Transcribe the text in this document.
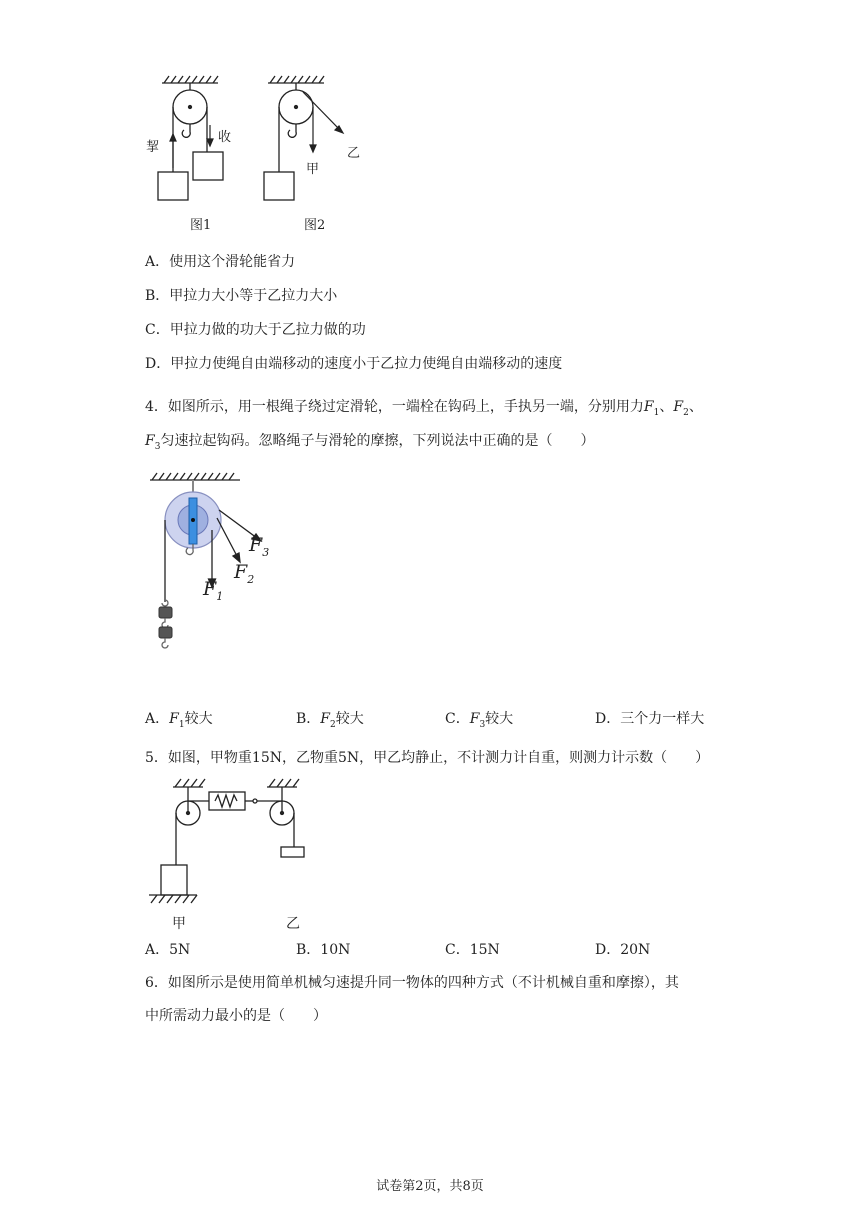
挈
收
甲
乙
图1	图2
A．使用这个滑轮能省力
B．甲拉力大小等于乙拉力大小
C．甲拉力做的功大于乙拉力做的功
D．甲拉力使绳自由端移动的速度小于乙拉力使绳自由端移动的速度
4．如图所示，用一根绳子绕过定滑轮，一端栓在钩码上，手执另一端，分别用力$F_1$、$F_2$、
$F_3$匀速拉起钩码。忽略绳子与滑轮的摩擦，下列说法中正确的是（　　）
$F_1$
$F_2$
$F_3$
A．$F_1$较大	B．$F_2$较大	C．$F_3$较大	D．三个力一样大
5．如图，甲物重15N，乙物重5N，甲乙均静止，不计测力计自重，则测力计示数（　　）
甲	乙
A．5N	B．10N	C．15N	D．20N
6．如图所示是使用简单机械匀速提升同一物体的四种方式（不计机械自重和摩擦），其
中所需动力最小的是（　　）
试卷第2页，共8页
